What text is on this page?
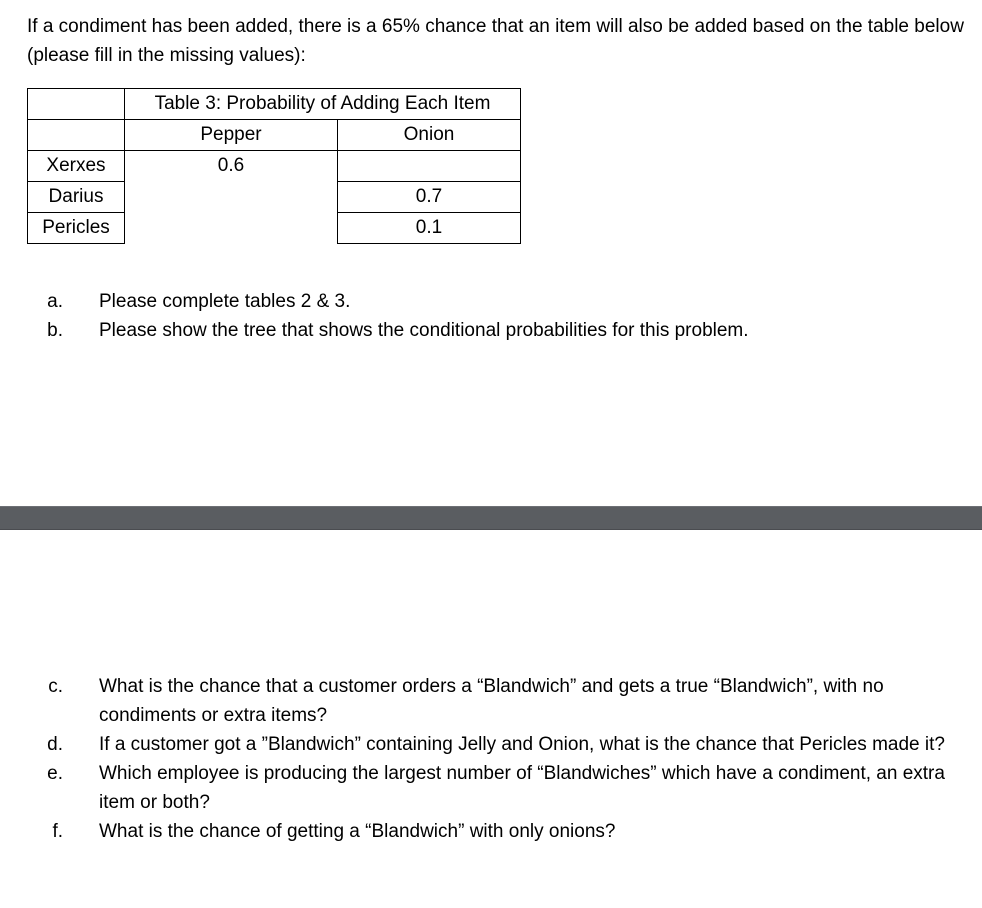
If a condiment has been added, there is a 65% chance that an item will also be added based on the table below (please fill in the missing values):

	Table 3: Probability of Adding Each Item	
	Pepper	Onion
Xerxes	0.6	
Darius		0.7
Pericles		0.1
a. Please complete tables 2 & 3.
b. Please show the tree that shows the conditional probabilities for this problem.
c. What is the chance that a customer orders a “Blandwich” and gets a true “Blandwich”, with no condiments or extra items?
d. If a customer got a ”Blandwich” containing Jelly and Onion, what is the chance that Pericles made it?
e. Which employee is producing the largest number of “Blandwiches” which have a condiment, an extra item or both?
f. What is the chance of getting a “Blandwich” with only onions?
